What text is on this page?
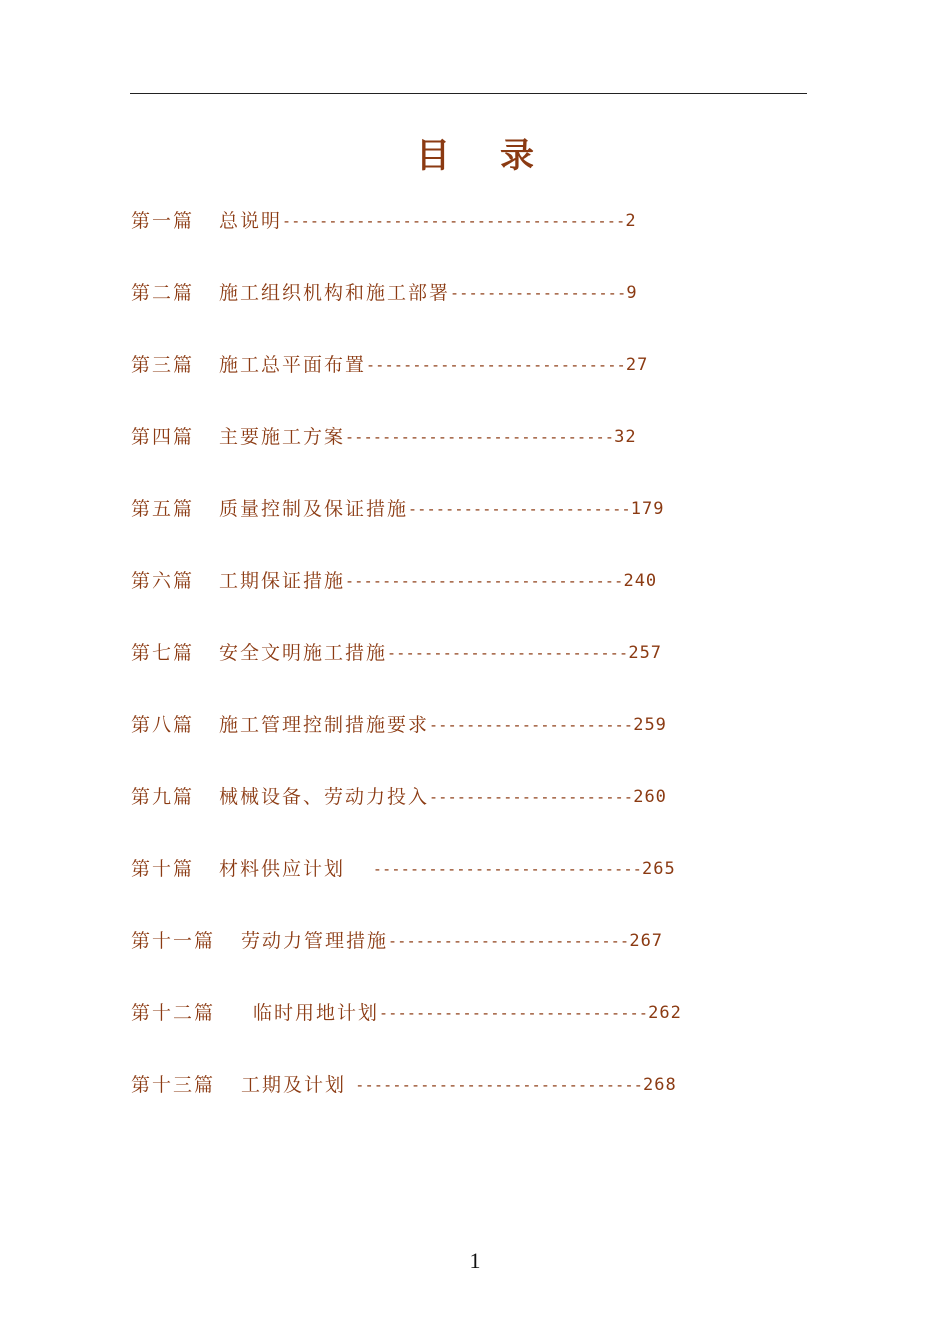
目 录
第一篇 总说明-------------------------------------2
第二篇 施工组织机构和施工部署-------------------9
第三篇 施工总平面布置----------------------------27
第四篇 主要施工方案-----------------------------32
第五篇 质量控制及保证措施------------------------179
第六篇 工期保证措施------------------------------240
第七篇 安全文明施工措施--------------------------257
第八篇 施工管理控制措施要求----------------------259
第九篇 械械设备、劳动力投入----------------------260
第十篇 材料供应计划   -----------------------------265
第十一篇 劳动力管理措施--------------------------267
第十二篇 临时用地计划-----------------------------262
第十三篇 工期及计划 -------------------------------268
1
